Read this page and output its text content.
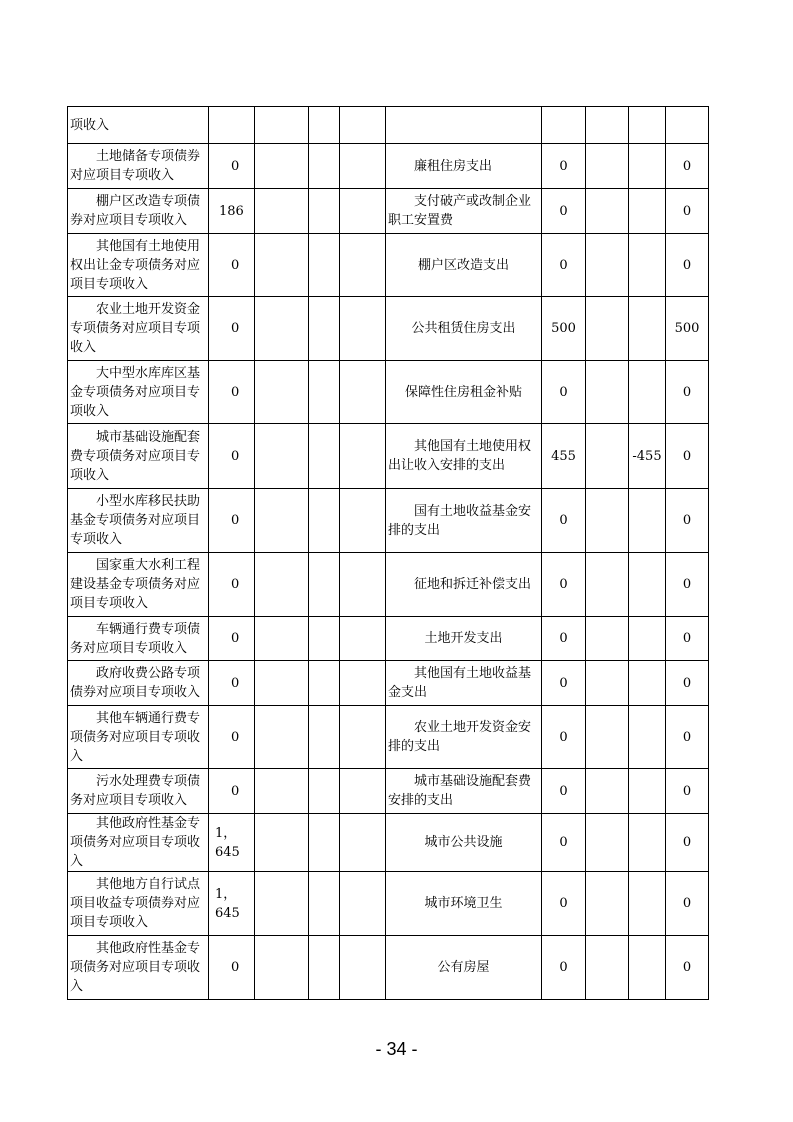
项收入									

土地储备专项债券对应项目专项收入	0				廉租住房支出	0			0

棚户区改造专项债券对应项目专项收入	186				支付破产或改制企业职工安置费	0			0

其他国有土地使用权出让金专项债务对应项目专项收入	0				棚户区改造支出	0			0

农业土地开发资金专项债务对应项目专项收入	0				公共租赁住房支出	500			500

大中型水库库区基金专项债务对应项目专项收入	0				保障性住房租金补贴	0			0

城市基础设施配套费专项债务对应项目专项收入	0				其他国有土地使用权出让收入安排的支出	455		-455	0

小型水库移民扶助基金专项债务对应项目专项收入	0				国有土地收益基金安排的支出	0			0

国家重大水利工程建设基金专项债务对应项目专项收入	0				征地和拆迁补偿支出	0			0

车辆通行费专项债务对应项目专项收入	0				土地开发支出	0			0

政府收费公路专项债券对应项目专项收入	0				其他国有土地收益基金支出	0			0

其他车辆通行费专项债务对应项目专项收入	0				农业土地开发资金安排的支出	0			0

污水处理费专项债务对应项目专项收入	0				城市基础设施配套费安排的支出	0			0

其他政府性基金专项债务对应项目专项收入	1，645				城市公共设施	0			0

其他地方自行试点项目收益专项债券对应项目专项收入	1，645				城市环境卫生	0			0

其他政府性基金专项债务对应项目专项收入	0				公有房屋	0			0
- 34 -
